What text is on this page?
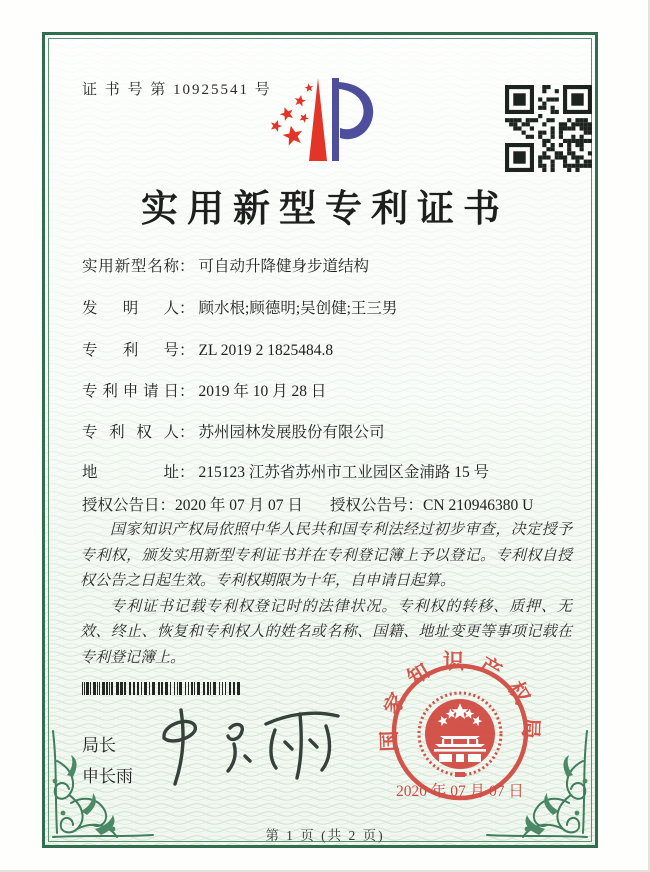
证 书 号 第 10925541 号
实用新型专利证书
实用新型名称： 可自动升降健身步道结构
发明人： 顾水根;顾德明;吴创健;王三男
专利号： ZL 2019 2 1825484.8
专利申请日： 2019 年 10 月 28 日
专利权人： 苏州园林发展股份有限公司
地址： 215123 江苏省苏州市工业园区金浦路 15 号
授权公告日：2020 年 07 月 07 日 授权公告号：CN 210946380 U

国家知识产权局依照中华人民共和国专利法经过初步审查，决定授予专利权，颁发实用新型专利证书并在专利登记簿上予以登记。专利权自授权公告之日起生效。专利权期限为十年，自申请日起算。

专利证书记载专利权登记时的法律状况。专利权的转移、质押、无效、终止、恢复和专利权人的姓名或名称、国籍、地址变更等事项记载在专利登记簿上。

局长
申长雨
国家知识产权局
2020 年 07 月 07 日
第 1 页 (共 2 页)
